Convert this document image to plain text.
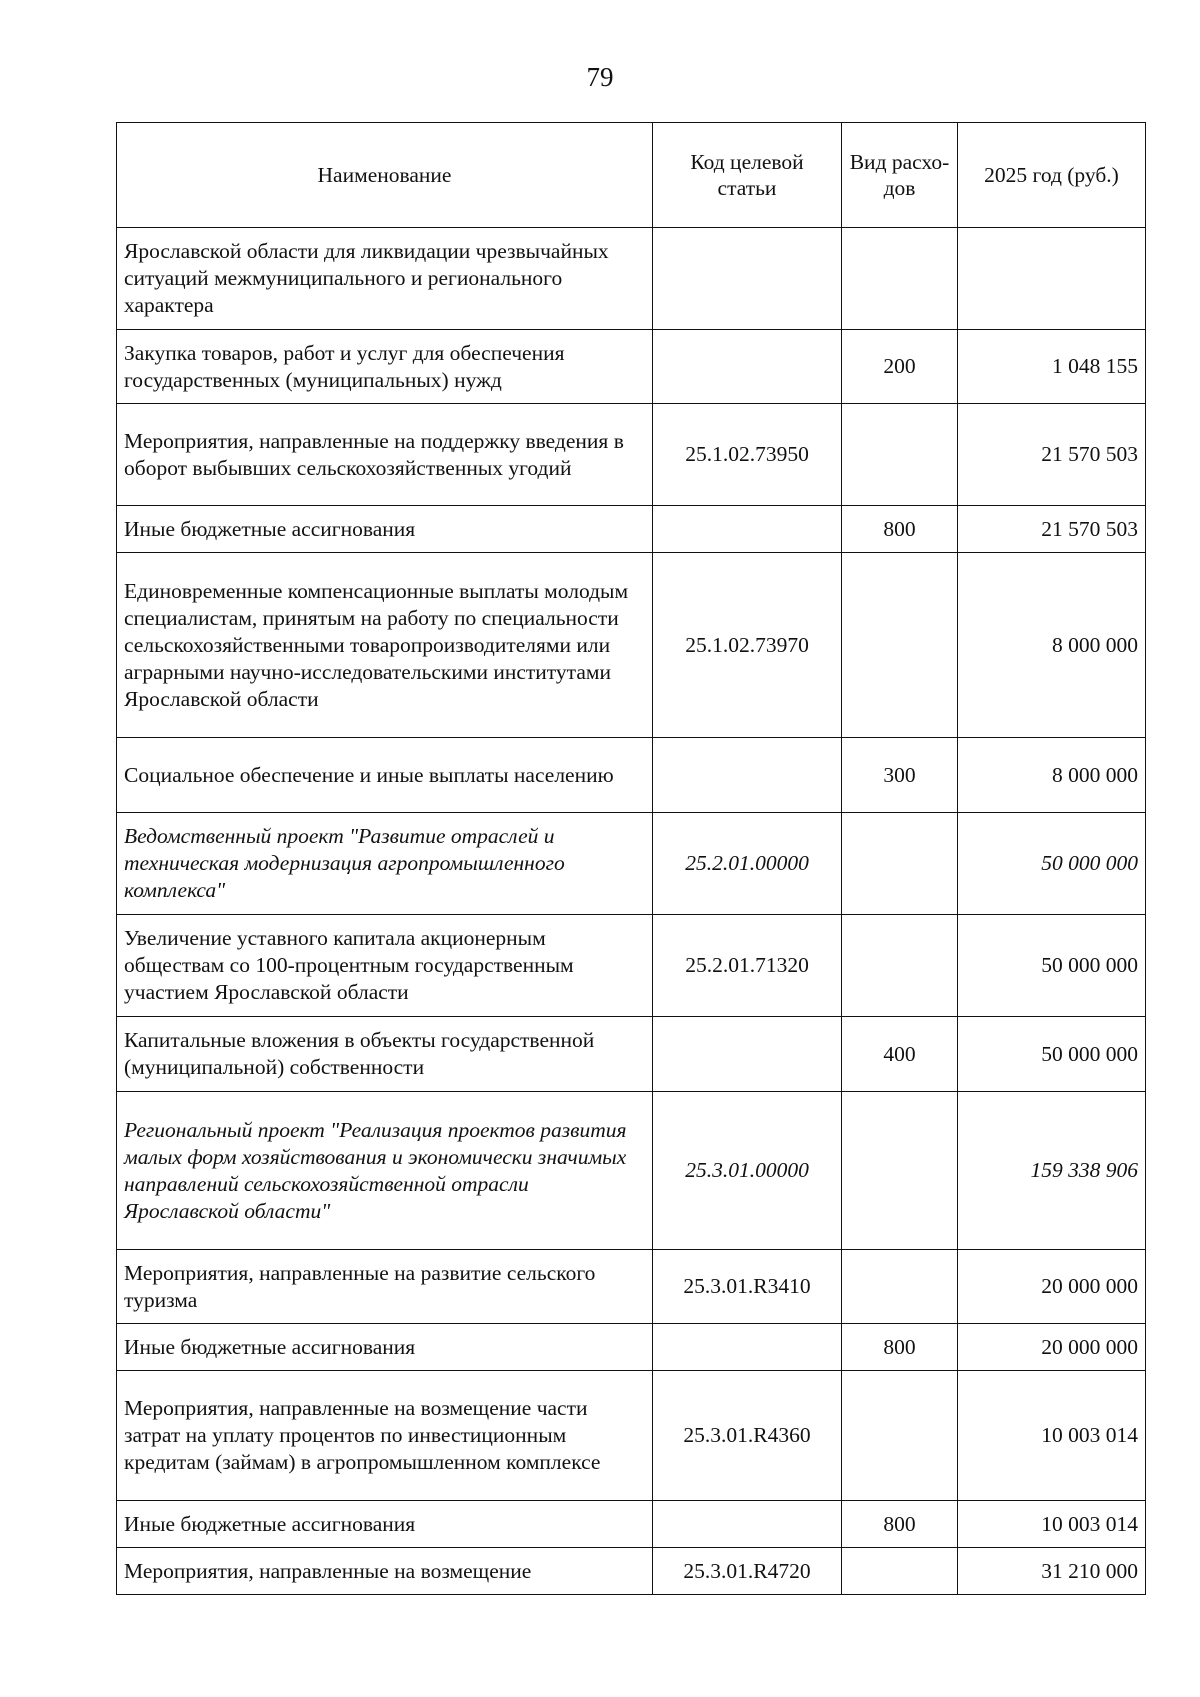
79
Наименование	Код целевой статьи	Вид расхо-дов	2025 год (руб.)
Ярославской области для ликвидации чрезвычайных ситуаций межмуниципального и регионального характера			
Закупка товаров, работ и услуг для обеспечения государственных (муниципальных) нужд		200	1 048 155
Мероприятия, направленные на поддержку введения в оборот выбывших сельскохозяйственных угодий	25.1.02.73950		21 570 503
Иные бюджетные ассигнования		800	21 570 503
Единовременные компенсационные выплаты молодым специалистам, принятым на работу по специальности сельскохозяйственными товаропроизводителями или аграрными научно-исследовательскими институтами Ярославской области	25.1.02.73970		8 000 000
Социальное обеспечение и иные выплаты населению		300	8 000 000
Ведомственный проект "Развитие отраслей и техническая модернизация агропромышленного комплекса"	25.2.01.00000		50 000 000
Увеличение уставного капитала акционерным обществам со 100-процентным государственным участием Ярославской области	25.2.01.71320		50 000 000
Капитальные вложения в объекты государственной (муниципальной) собственности		400	50 000 000
Региональный проект "Реализация проектов развития малых форм хозяйствования и экономически значимых направлений сельскохозяйственной отрасли Ярославской области"	25.3.01.00000		159 338 906
Мероприятия, направленные на развитие сельского туризма	25.3.01.R3410		20 000 000
Иные бюджетные ассигнования		800	20 000 000
Мероприятия, направленные на возмещение части затрат на уплату процентов по инвестиционным кредитам (займам) в агропромышленном комплексе	25.3.01.R4360		10 003 014
Иные бюджетные ассигнования		800	10 003 014
Мероприятия, направленные на возмещение	25.3.01.R4720		31 210 000
